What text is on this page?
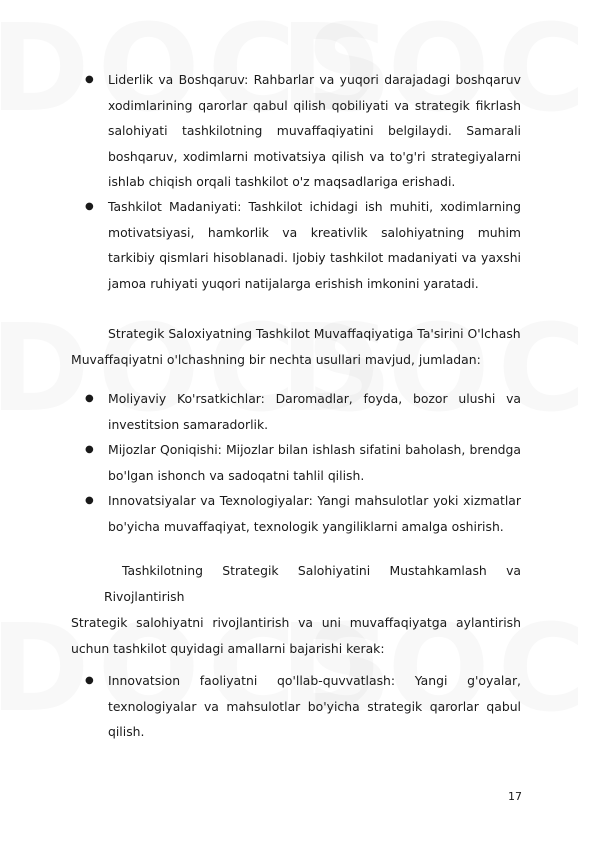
●	Liderlik va Boshqaruv: Rahbarlar va yuqori darajadagi boshqaruv xodimlarining qarorlar qabul qilish qobiliyati va strategik fikrlash salohiyati tashkilotning muvaffaqiyatini belgilaydi. Samarali boshqaruv, xodimlarni motivatsiya qilish va to'g'ri strategiyalarni ishlab chiqish orqali tashkilot o'z maqsadlariga erishadi.
●	Tashkilot Madaniyati: Tashkilot ichidagi ish muhiti, xodimlarning motivatsiyasi, hamkorlik va kreativlik salohiyatning muhim tarkibiy qismlari hisoblanadi. Ijobiy tashkilot madaniyati va yaxshi jamoa ruhiyati yuqori natijalarga erishish imkonini yaratadi.
Strategik Saloxiyatning Tashkilot Muvaffaqiyatiga Ta'sirini O'lchash
Muvaffaqiyatni o'lchashning bir nechta usullari mavjud, jumladan:
●	Moliyaviy Ko'rsatkichlar: Daromadlar, foyda, bozor ulushi va investitsion samaradorlik.
●	Mijozlar Qoniqishi: Mijozlar bilan ishlash sifatini baholash, brendga bo'lgan ishonch va sadoqatni tahlil qilish.
●	Innovatsiyalar va Texnologiyalar: Yangi mahsulotlar yoki xizmatlar bo'yicha muvaffaqiyat, texnologik yangiliklarni amalga oshirish.
Tashkilotning Strategik Salohiyatini Mustahkamlash va
Rivojlantirish
Strategik salohiyatni rivojlantirish va uni muvaffaqiyatga aylantirish uchun tashkilot quyidagi amallarni bajarishi kerak:
●	Innovatsion faoliyatni qo'llab-quvvatlash: Yangi g'oyalar, texnologiyalar va mahsulotlar bo'yicha strategik qarorlar qabul qilish.
17
